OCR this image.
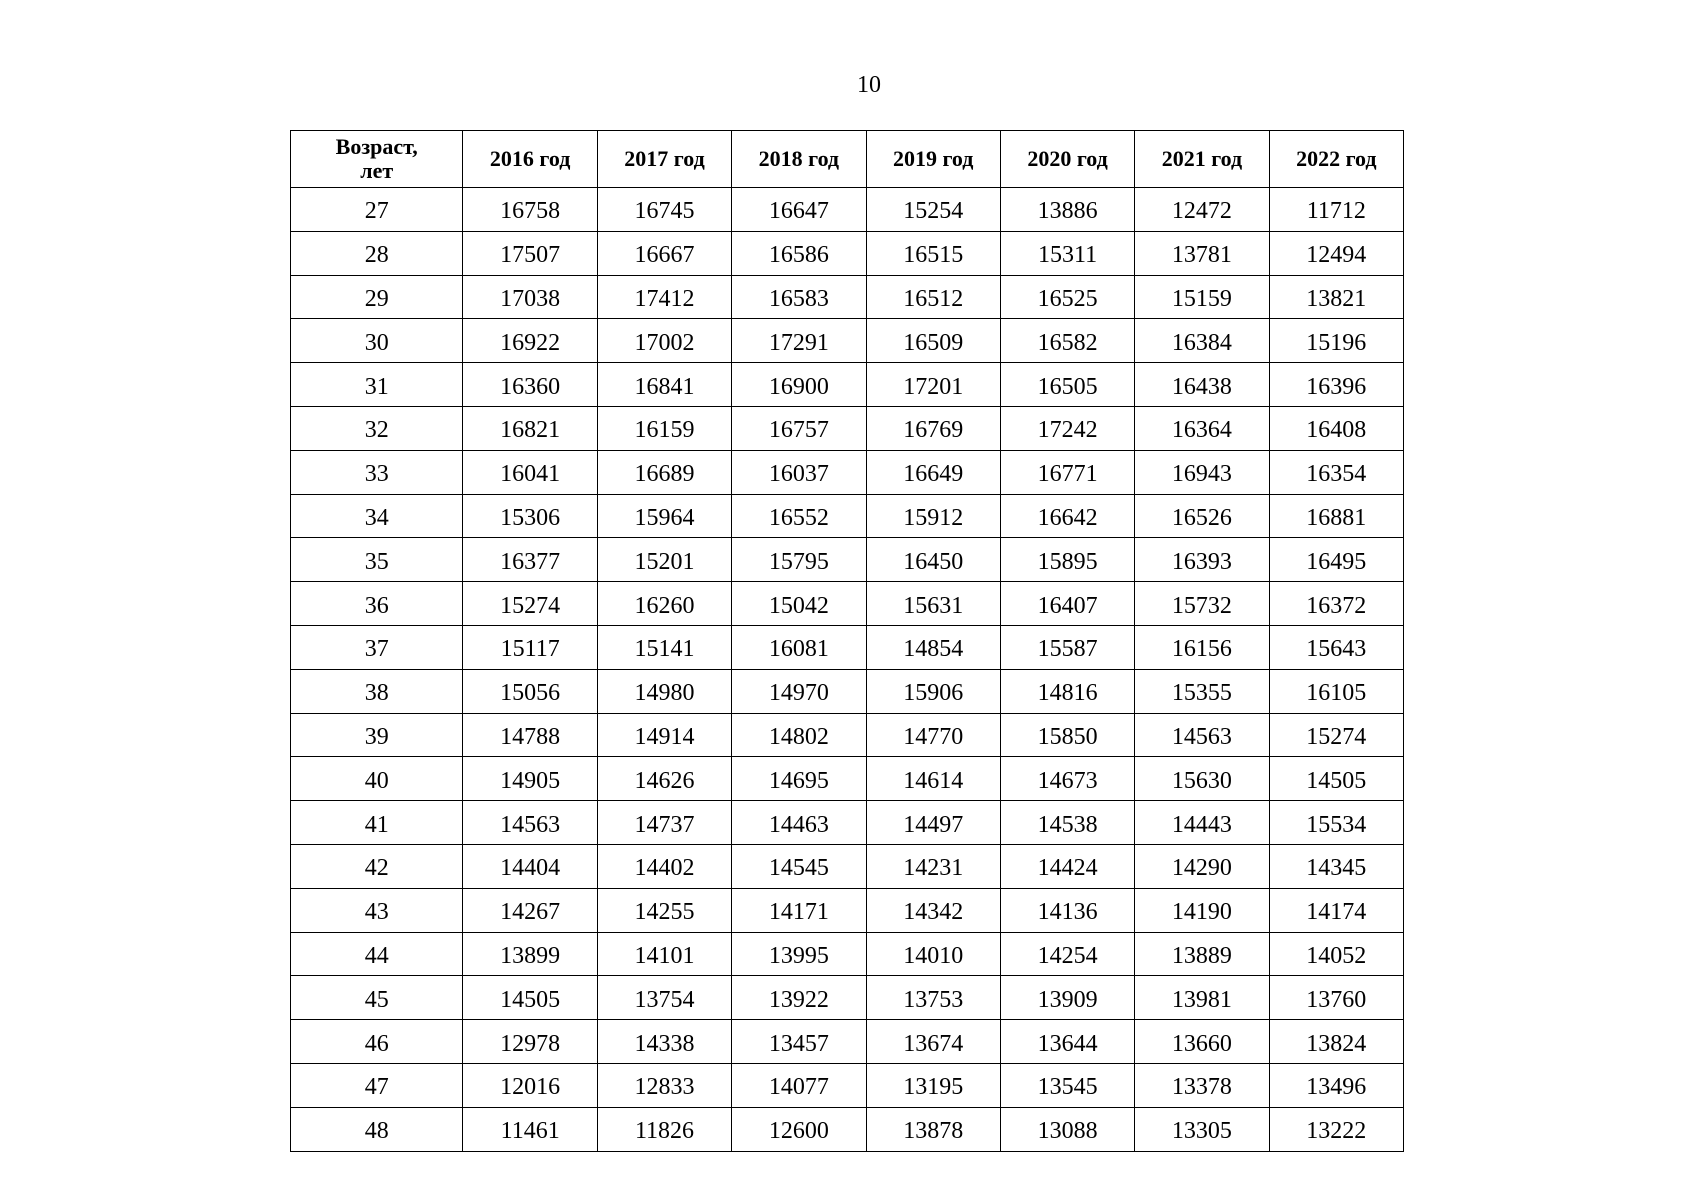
10
Возраст,
лет	2016 год	2017 год	2018 год	2019 год	2020 год	2021 год	2022 год
27	16758	16745	16647	15254	13886	12472	11712
28	17507	16667	16586	16515	15311	13781	12494
29	17038	17412	16583	16512	16525	15159	13821
30	16922	17002	17291	16509	16582	16384	15196
31	16360	16841	16900	17201	16505	16438	16396
32	16821	16159	16757	16769	17242	16364	16408
33	16041	16689	16037	16649	16771	16943	16354
34	15306	15964	16552	15912	16642	16526	16881
35	16377	15201	15795	16450	15895	16393	16495
36	15274	16260	15042	15631	16407	15732	16372
37	15117	15141	16081	14854	15587	16156	15643
38	15056	14980	14970	15906	14816	15355	16105
39	14788	14914	14802	14770	15850	14563	15274
40	14905	14626	14695	14614	14673	15630	14505
41	14563	14737	14463	14497	14538	14443	15534
42	14404	14402	14545	14231	14424	14290	14345
43	14267	14255	14171	14342	14136	14190	14174
44	13899	14101	13995	14010	14254	13889	14052
45	14505	13754	13922	13753	13909	13981	13760
46	12978	14338	13457	13674	13644	13660	13824
47	12016	12833	14077	13195	13545	13378	13496
48	11461	11826	12600	13878	13088	13305	13222
